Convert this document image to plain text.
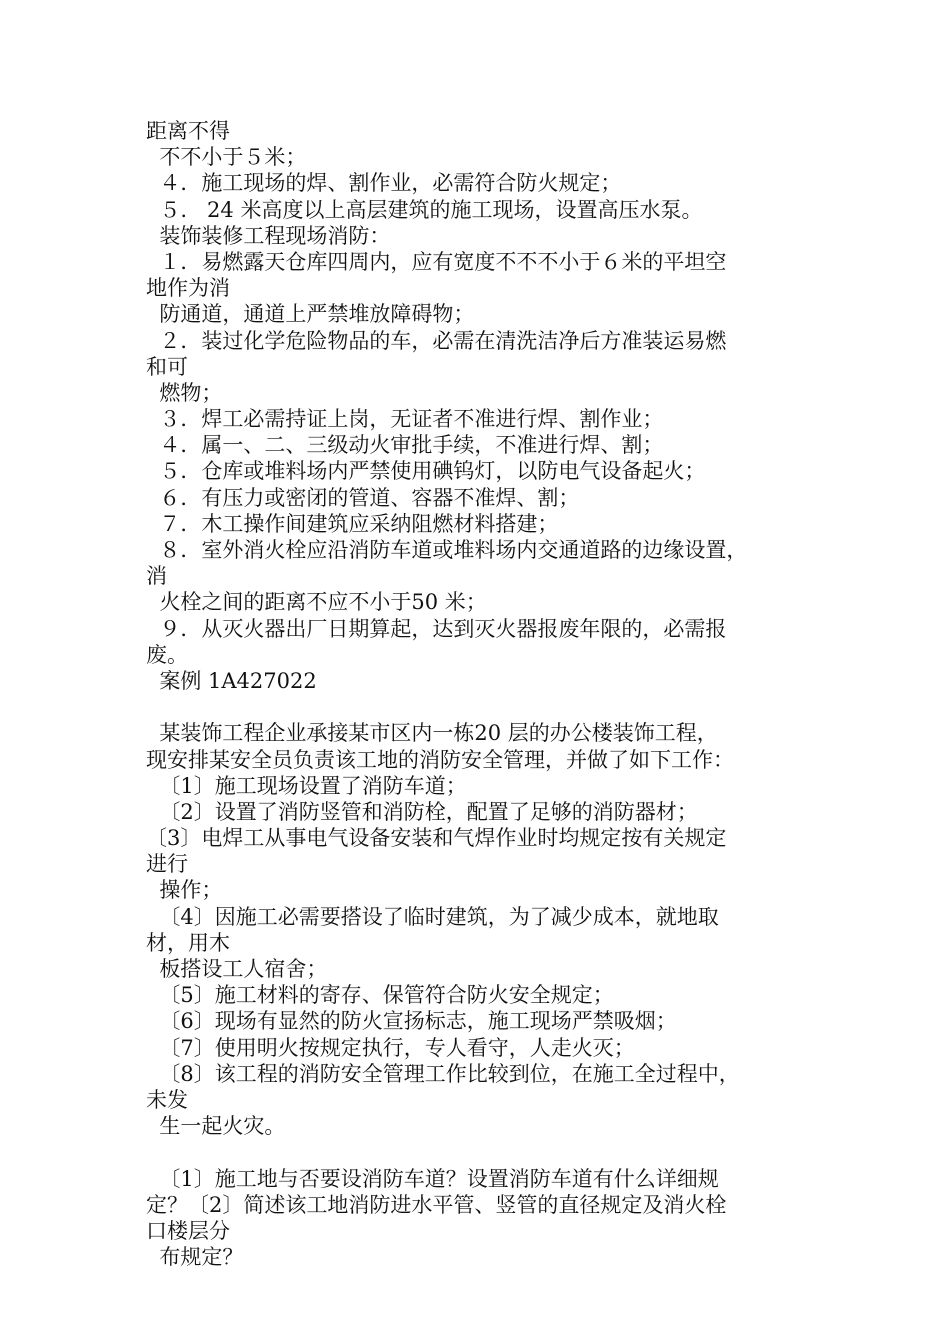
距离不得
不不小于５米；
４．施工现场的焊、割作业，必需符合防火规定；
５.   24 米高度以上高层建筑的施工现场，设置高压水泵。
装饰装修工程现场消防：
１．易燃露天仓库四周内，应有宽度不不不小于６米的平坦空
地作为消
防通道，通道上严禁堆放障碍物；
２．装过化学危险物品的车，必需在清洗洁净后方准装运易燃
和可
燃物；
３．焊工必需持证上岗，无证者不准进行焊、割作业；
４．属一、二、三级动火审批手续，不准进行焊、割；
５．仓库或堆料场内严禁使用碘钨灯，以防电气设备起火；
６．有压力或密闭的管道、容器不准焊、割；
７．木工操作间建筑应采纳阻燃材料搭建；
８．室外消火栓应沿消防车道或堆料场内交通道路的边缘设置，
消
火栓之间的距离不应不小于50 米；
９．从灭火器出厂日期算起，达到灭火器报废年限的，必需报
废。
案例 1A427022
某装饰工程企业承接某市区内一栋20 层的办公楼装饰工程，
现安排某安全员负责该工地的消防安全管理，并做了如下工作：
〔1〕施工现场设置了消防车道；
〔2〕设置了消防竖管和消防栓，配置了足够的消防器材；
〔3〕电焊工从事电气设备安装和气焊作业时均规定按有关规定
进行
操作；
〔4〕因施工必需要搭设了临时建筑，为了减少成本，就地取
材，用木
板搭设工人宿舍；
〔5〕施工材料的寄存、保管符合防火安全规定；
〔6〕现场有显然的防火宣扬标志，施工现场严禁吸烟；
〔7〕使用明火按规定执行，专人看守，人走火灭；
〔8〕该工程的消防安全管理工作比较到位，在施工全过程中，
未发
生一起火灾。
〔1〕施工地与否要设消防车道？设置消防车道有什么详细规
定？〔2〕简述该工地消防进水平管、竖管的直径规定及消火栓
口楼层分
布规定？
